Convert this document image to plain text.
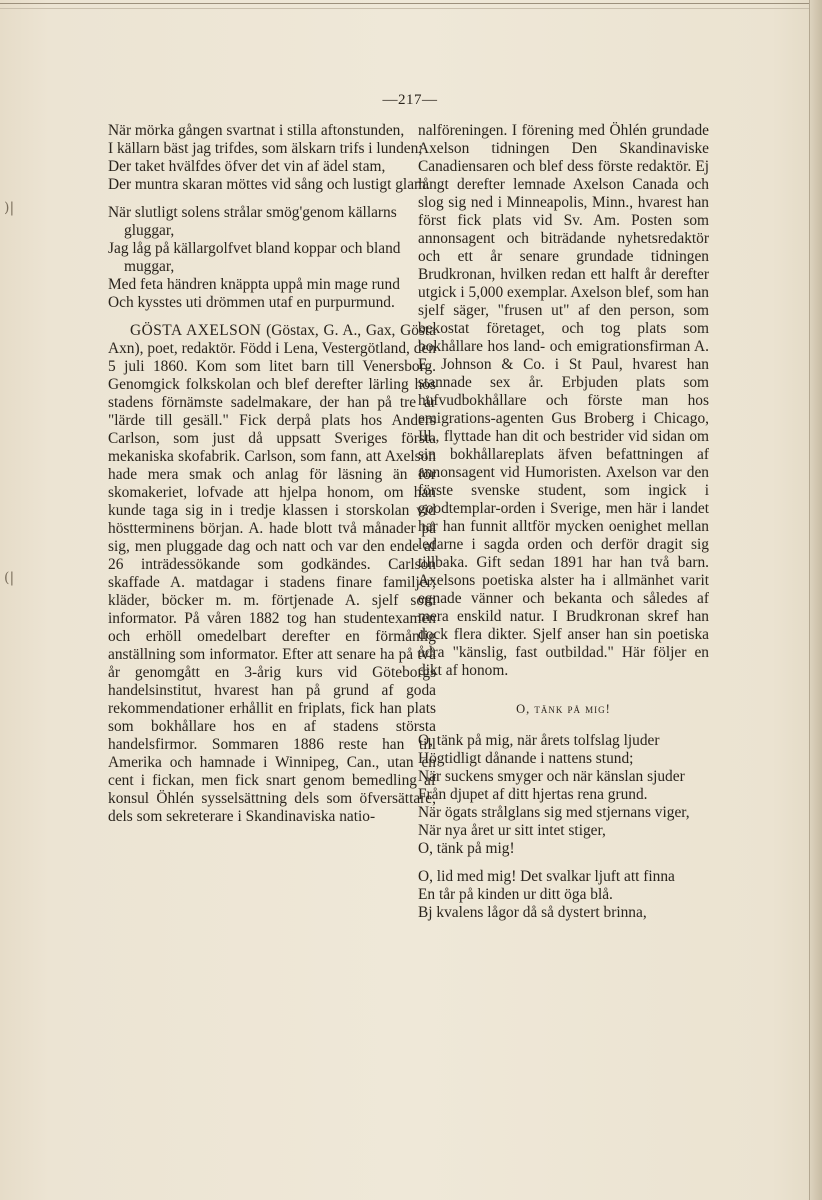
)|
(|
—217—

När mörka gången svartnat i stilla aftonstunden,

I källarn bäst jag trifdes, som älskarn trifs i lunden;

Der taket hvälfdes öfver det vin af ädel stam,

Der muntra skaran möttes vid sång och lustigt glam.

När slutligt solens strålar smög'genom källarns gluggar,

Jag låg på källargolfvet bland koppar och bland muggar,

Med feta händren knäppta uppå min mage rund

Och kysstes uti drömmen utaf en purpurmund.

GÖSTA AXELSON (Göstax, G. A., Gax, Gösta Axn), poet, redaktör. Född i Lena, Vestergötland, den 5 juli 1860. Kom som litet barn till Venersborg. Genomgick folkskolan och blef derefter lärling hos stadens förnämste sadelmakare, der han på tre år "lärde till gesäll." Fick derpå plats hos Anders Carlson, som just då uppsatt Sveriges första mekaniska skofabrik. Carlson, som fann, att Axelson hade mera smak och anlag för läsning än för skomakeriet, lofvade att hjelpa honom, om han kunde taga sig in i tredje klassen i storskolan vid höstterminens början. A. hade blott två månader på sig, men pluggade dag och natt och var den ende af 26 inträdessökande som godkändes. Carlson skaffade A. matdagar i stadens finare familjer; kläder, böcker m. m. förtjenade A. sjelf som informator. På våren 1882 tog han studentexamen och erhöll omedelbart derefter en förmånlig anställning som informator. Efter att senare ha på två år genomgått en 3-årig kurs vid Göteborgs handelsinstitut, hvarest han på grund af goda rekommendationer erhållit en friplats, fick han plats som bokhållare hos en af stadens största handelsfirmor. Sommaren 1886 reste han till Amerika och hamnade i Winnipeg, Can., utan en cent i fickan, men fick snart genom bemedling af konsul Öhlén sysselsättning dels som öfversättare, dels som sekreterare i Skandinaviska natio-

nalföreningen. I förening med Öhlén grundade Axelson tidningen Den Skandinaviske Canadiensaren och blef dess förste redaktör. Ej långt derefter lemnade Axelson Canada och slog sig ned i Minneapolis, Minn., hvarest han först fick plats vid Sv. Am. Posten som annonsagent och biträdande nyhetsredaktör och ett år senare grundade tidningen Brudkronan, hvilken redan ett halft år derefter utgick i 5,000 exemplar. Axelson blef, som han sjelf säger, "frusen ut" af den person, som bekostat företaget, och tog plats som bokhållare hos land- och emigrationsfirman A. E. Johnson & Co. i St Paul, hvarest han stannade sex år. Erbjuden plats som hufvudbokhållare och förste man hos emigrations-agenten Gus Broberg i Chicago, Ill., flyttade han dit och bestrider vid sidan om sin bokhållareplats äfven befattningen af annonsagent vid Humoristen. Axelson var den förste svenske student, som ingick i goodtemplar-orden i Sverige, men här i landet har han funnit alltför mycken oenighet mellan ledarne i sagda orden och derför dragit sig tillbaka. Gift sedan 1891 har han två barn. Axelsons poetiska alster ha i allmänhet varit egnade vänner och bekanta och således af mera enskild natur. I Brudkronan skref han dock flera dikter. Sjelf anser han sin poetiska ådra "känslig, fast outbildad." Här följer en dikt af honom.

O, tänk på mig!

O, tänk på mig, när årets tolfslag ljuder

Högtidligt dånande i nattens stund;

När suckens smyger och när känslan sjuder

Från djupet af ditt hjertas rena grund.

När ögats strålglans sig med stjernans viger,

När nya året ur sitt intet stiger,

O, tänk på mig!

O, lid med mig! Det svalkar ljuft att finna

En tår på kinden ur ditt öga blå.

Bj kvalens lågor då så dystert brinna,
